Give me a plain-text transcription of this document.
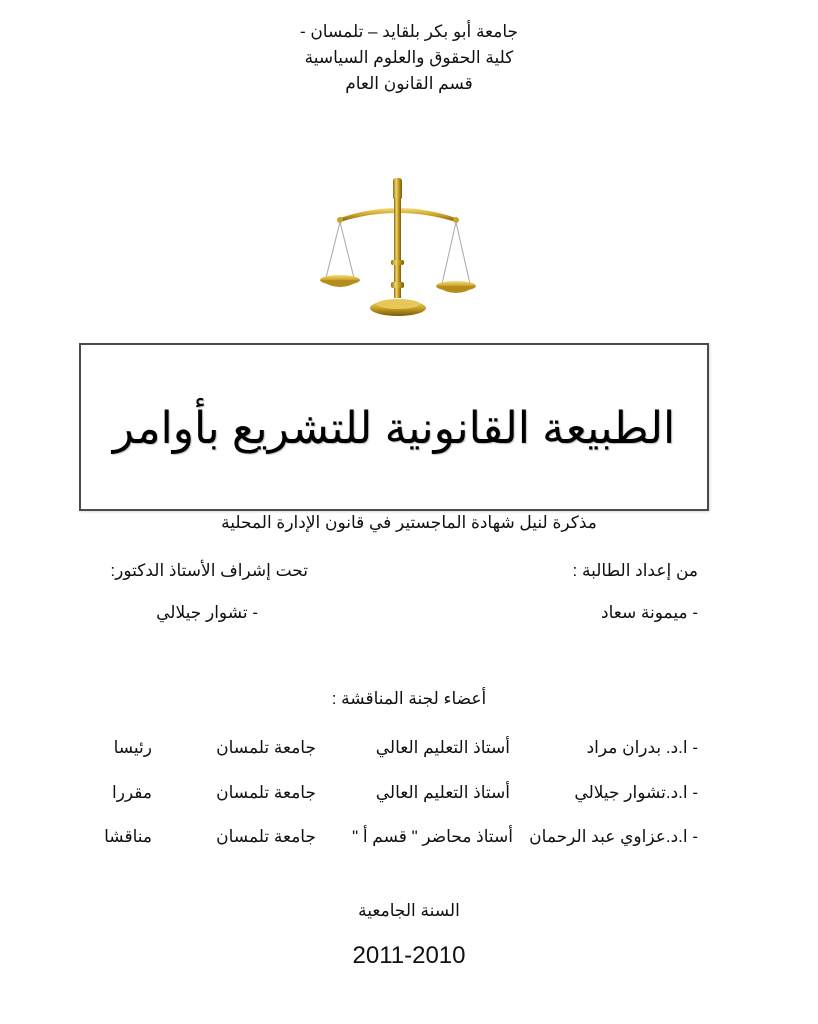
جامعة أبو بكر بلقايد – تلمسان -
كلية الحقوق والعلوم السياسية
قسم القانون العام
الطبيعة القانونية للتشريع بأوامر
مذكرة لنيل شهادة الماجستير في قانون الإدارة المحلية
من إعداد الطالبة :
تحت إشراف الأستاذ الدكتور:
- ميمونة سعاد
- تشوار جيلالي
أعضاء لجنة المناقشة :
- ا.د. بدران مراد
أستاذ التعليم العالي
جامعة تلمسان
رئيسا
- ا.د.تشوار جيلالي
أستاذ التعليم العالي
جامعة تلمسان
مقررا
- ا.د.عزاوي عبد الرحمان
أستاذ محاضر " قسم أ "
جامعة تلمسان
مناقشا
السنة الجامعية
2011-2010
